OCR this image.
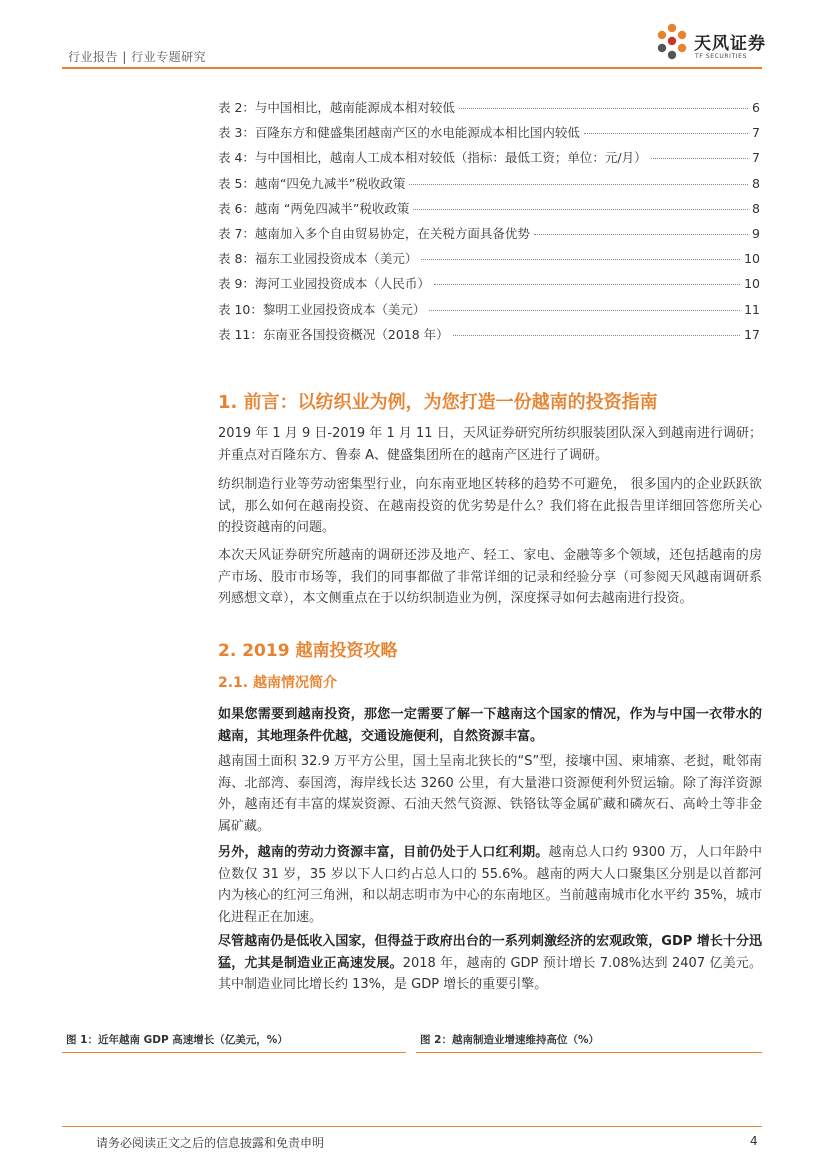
行业报告 | 行业专题研究
天风证券
TF SECURITIES
表 2：与中国相比，越南能源成本相对较低	6
表 3：百隆东方和健盛集团越南产区的水电能源成本相比国内较低	7
表 4：与中国相比，越南人工成本相对较低（指标：最低工资；单位：元/月）	7
表 5：越南“四免九减半”税收政策	8
表 6：越南 “两免四减半”税收政策	8
表 7：越南加入多个自由贸易协定，在关税方面具备优势	9
表 8：福东工业园投资成本（美元）	10
表 9：海河工业园投资成本（人民币）	10
表 10：黎明工业园投资成本（美元）	11
表 11：东南亚各国投资概况（2018 年）	17
1. 前言：以纺织业为例，为您打造一份越南的投资指南

2019 年 1 月 9 日-2019 年 1 月 11 日，天风证券研究所纺织服装团队深入到越南进行调研；并重点对百隆东方、鲁泰 A、健盛集团所在的越南产区进行了调研。

纺织制造行业等劳动密集型行业，向东南亚地区转移的趋势不可避免， 很多国内的企业跃跃欲试，那么如何在越南投资、在越南投资的优劣势是什么？我们将在此报告里详细回答您所关心的投资越南的问题。

本次天风证券研究所越南的调研还涉及地产、轻工、家电、金融等多个领域，还包括越南的房产市场、股市市场等，我们的同事都做了非常详细的记录和经验分享（可参阅天风越南调研系列感想文章），本文侧重点在于以纺织制造业为例，深度探寻如何去越南进行投资。

2. 2019 越南投资攻略
2.1. 越南情况简介

如果您需要到越南投资，那您一定需要了解一下越南这个国家的情况，作为与中国一衣带水的越南，其地理条件优越，交通设施便利，自然资源丰富。

越南国土面积 32.9 万平方公里，国土呈南北狭长的“S”型，接壤中国、柬埔寨、老挝，毗邻南海、北部湾、泰国湾，海岸线长达 3260 公里，有大量港口资源便利外贸运输。除了海洋资源外，越南还有丰富的煤炭资源、石油天然气资源、铁铬钛等金属矿藏和磷灰石、高岭土等非金属矿藏。

另外，越南的劳动力资源丰富，目前仍处于人口红利期。越南总人口约 9300 万，人口年龄中位数仅 31 岁，35 岁以下人口约占总人口的 55.6%。越南的两大人口聚集区分别是以首都河内为核心的红河三角洲，和以胡志明市为中心的东南地区。当前越南城市化水平约 35%，城市化进程正在加速。

尽管越南仍是低收入国家，但得益于政府出台的一系列刺激经济的宏观政策，GDP 增长十分迅猛，尤其是制造业正高速发展。2018 年，越南的 GDP 预计增长 7.08%达到 2407 亿美元。其中制造业同比增长约 13%，是 GDP 增长的重要引擎。

图 1：近年越南 GDP 高速增长（亿美元，%）	图 2：越南制造业增速维持高位（%）
请务必阅读正文之后的信息披露和免责申明	4
